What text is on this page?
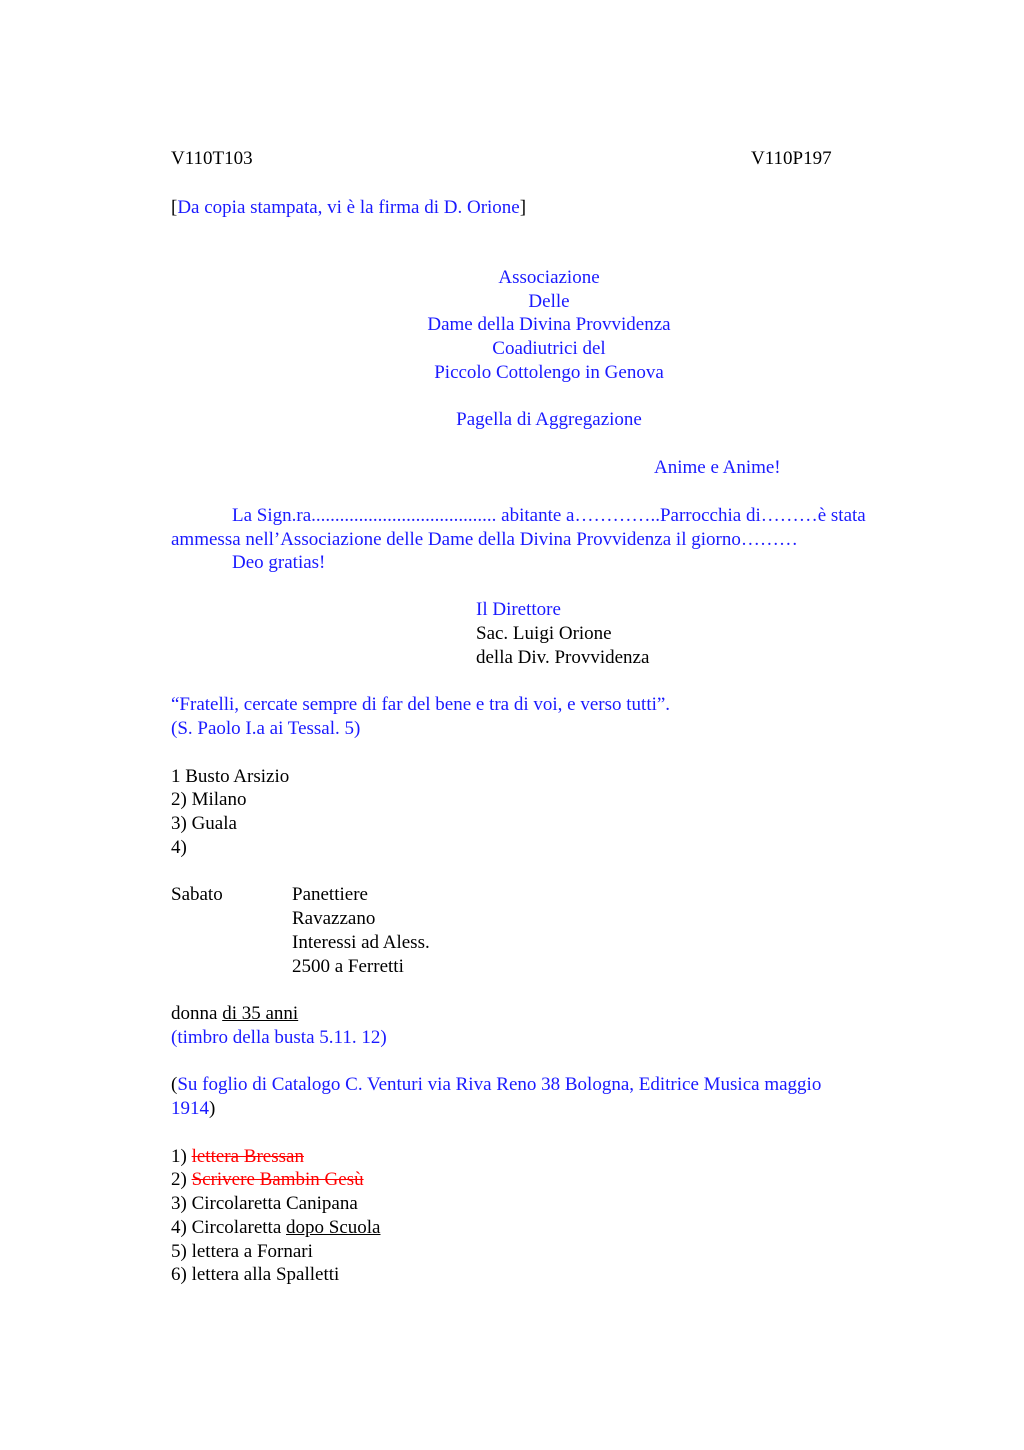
V110T103	V110P197
[Da copia stampata, vi è la firma di D. Orione]
Associazione
Delle
Dame della Divina Provvidenza
Coadiutrici del
Piccolo Cottolengo in Genova
Pagella di Aggregazione
Anime e Anime!
La Sign.ra....................................... abitante a…………..Parrocchia di………è stata
ammessa nell’Associazione delle Dame della Divina Provvidenza il giorno………
Deo gratias!
Il Direttore
Sac. Luigi Orione
della Div. Provvidenza
“Fratelli, cercate sempre di far del bene e tra di voi, e verso tutti”.
(S. Paolo I.a ai Tessal. 5)
1 Busto Arsizio
2) Milano
3) Guala
4)
Sabato	Panettiere
Ravazzano
Interessi ad Aless.
2500 a Ferretti
donna di 35 anni
(timbro della busta 5.11. 12)
(Su foglio di Catalogo C. Venturi via Riva Reno 38 Bologna, Editrice Musica maggio
1914)
1) lettera Bressan
2) Scrivere Bambin Gesù
3) Circolaretta Canipana
4) Circolaretta dopo Scuola
5) lettera a Fornari
6) lettera alla Spalletti
